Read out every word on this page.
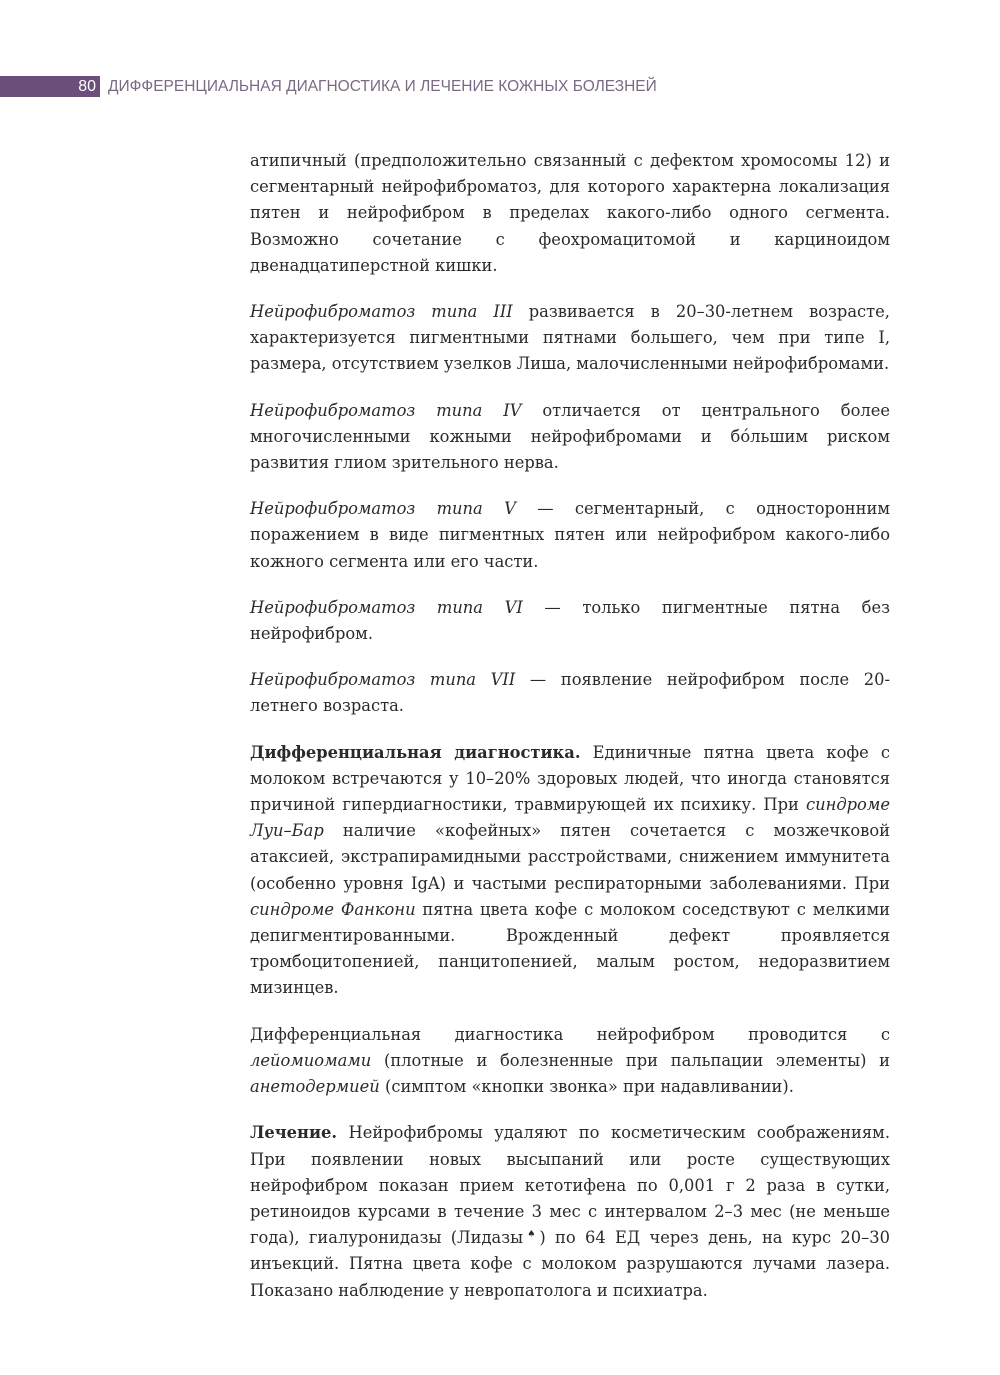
80 ДИФФЕРЕНЦИАЛЬНАЯ ДИАГНОСТИКА И ЛЕЧЕНИЕ КОЖНЫХ БОЛЕЗНЕЙ

атипичный (предположительно связанный с дефектом хромосомы 12) и сегментарный нейрофиброматоз, для которого характерна локализация пятен и нейрофибром в пределах какого-либо одного сегмента. Возможно сочетание с феохромацитомой и карциноидом двенадцатиперстной кишки.

Нейрофиброматоз типа III развивается в 20–30-летнем возрасте, характеризуется пигментными пятнами большего, чем при типе I, размера, отсутствием узелков Лиша, малочисленными нейрофибромами.

Нейрофиброматоз типа IV отличается от центрального более многочисленными кожными нейрофибромами и бóльшим риском развития глиом зрительного нерва.

Нейрофиброматоз типа V — сегментарный, с односторонним поражением в виде пигментных пятен или нейрофибром какого-либо кожного сегмента или его части.

Нейрофиброматоз типа VI — только пигментные пятна без нейрофибром.

Нейрофиброматоз типа VII — появление нейрофибром после 20-летнего возраста.

Дифференциальная диагностика. Единичные пятна цвета кофе с молоком встречаются у 10–20% здоровых людей, что иногда становятся причиной гипердиагностики, травмирующей их психику. При синдроме Луи–Бар наличие «кофейных» пятен сочетается с мозжечковой атаксией, экстрапирамидными расстройствами, снижением иммунитета (особенно уровня IgA) и частыми респираторными заболеваниями. При синдроме Фанкони пятна цвета кофе с молоком соседствуют с мелкими депигментированными. Врожденный дефект проявляется тромбоцитопенией, панцитопенией, малым ростом, недоразвитием мизинцев.

Дифференциальная диагностика нейрофибром проводится с лейомиомами (плотные и болезненные при пальпации элементы) и анетодермией (симптом «кнопки звонка» при надавливании).

Лечение. Нейрофибромы удаляют по косметическим соображениям. При появлении новых высыпаний или росте существующих нейрофибром показан прием кетотифена по 0,001 г 2 раза в сутки, ретиноидов курсами в течение 3 мес с интервалом 2–3 мес (не меньше года), гиалуронидазы (Лидазы♠) по 64 ЕД через день, на курс 20–30 инъекций. Пятна цвета кофе с молоком разрушаются лучами лазера. Показано наблюдение у невропатолога и психиатра.
